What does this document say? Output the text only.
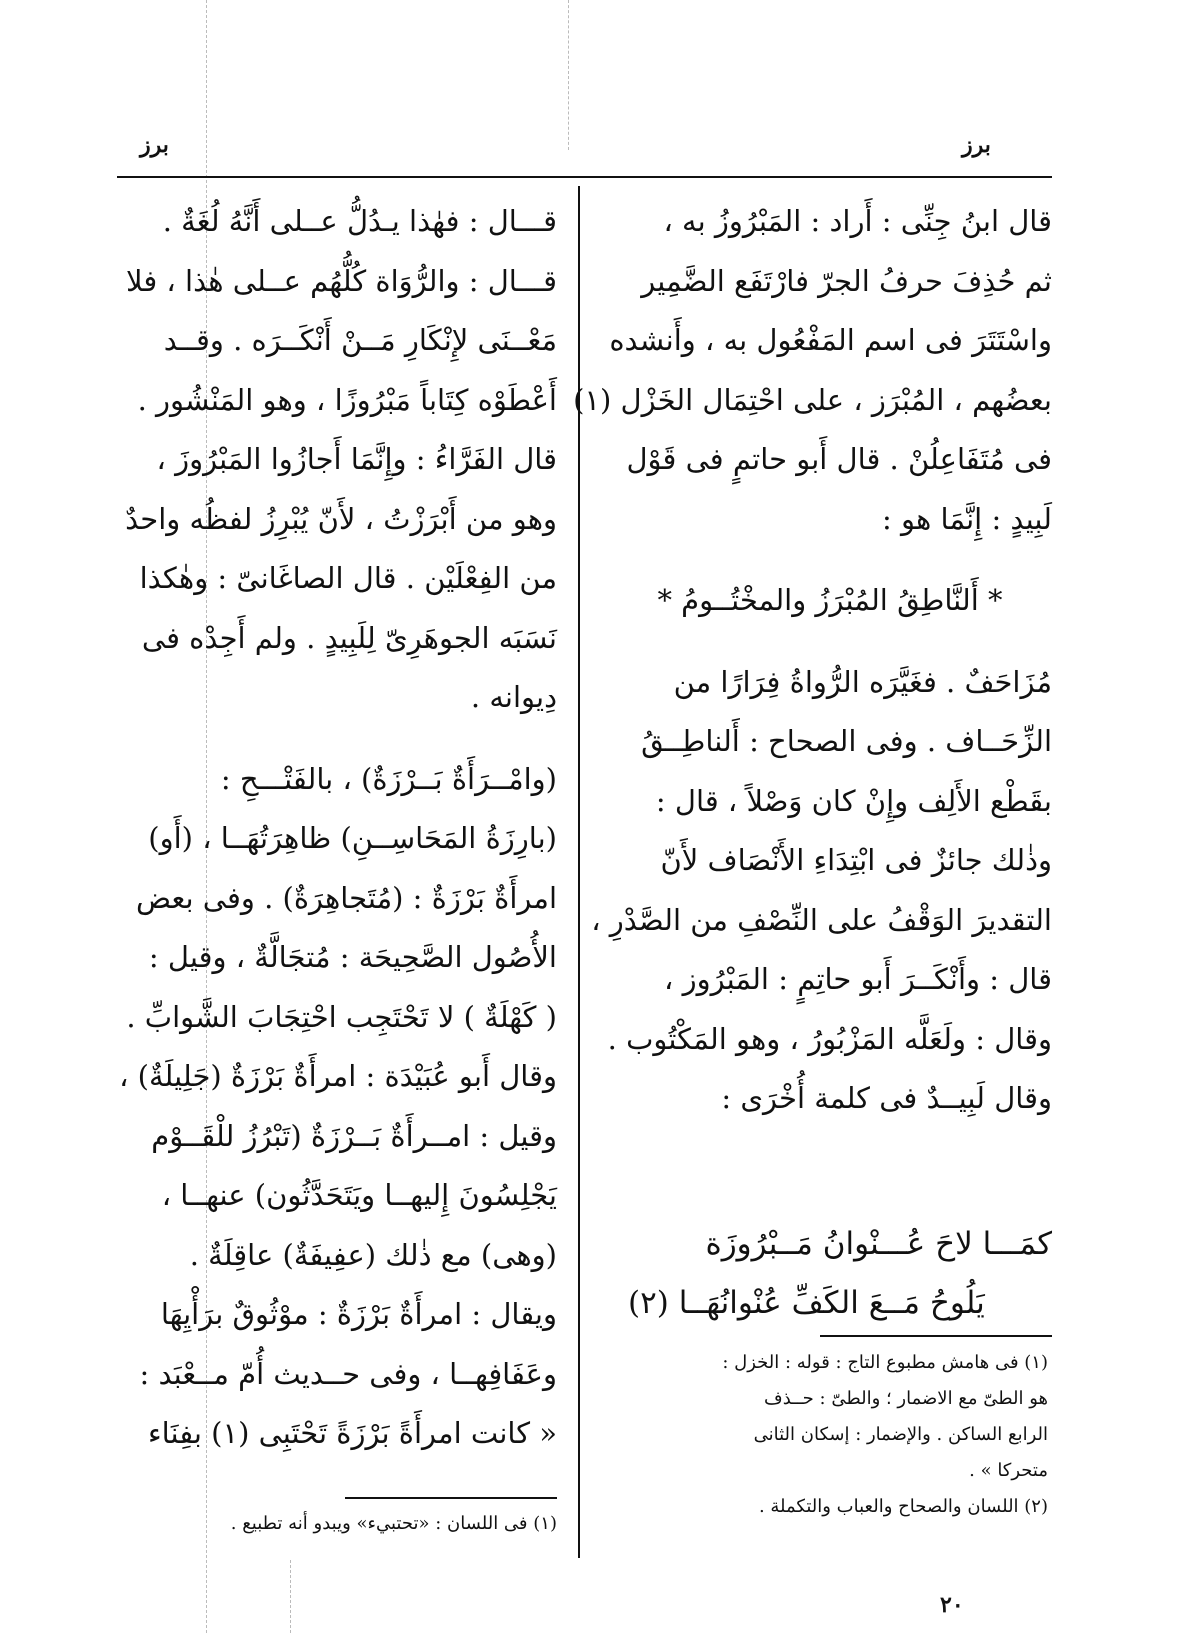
برز
برز
قال ابنُ جِنِّى : أَراد : المَبْرُوزُ به ،
ثم حُذِفَ حرفُ الجرّ فارْتَفَع الضَّمِير
واسْتَتَرَ فى اسم المَفْعُول به ، وأَنشده
بعضُهم ، المُبْرَز ، على احْتِمَال الخَزْل (١)
فى مُتَفَاعِلُنْ . قال أَبو حاتمٍ فى قَوْل
لَبِيدٍ : إِنَّمَا هو :
* أَلنَّاطِقُ المُبْرَزُ والمخْتُــومُ *
مُزَاحَفٌ . فغَيَّرَه الرُّواةُ فِرَارًا من
الزِّحَــاف . وفى الصحاح : أَلناطِــقُ
بقَطْع الأَلِف وإِنْ كان وَصْلاً ، قال :
وذٰلك جائزٌ فى ابْتِدَاءِ الأَنْصَاف لأَنّ
التقديرَ الوَقْفُ على النِّصْفِ من الصَّدْرِ ،
قال : وأَنْكَــرَ أَبو حاتِمٍ : المَبْرُوز ،
وقال : ولَعَلَّه المَزْبُورُ ، وهو المَكْتُوب .
وقال لَبِيــدٌ فى كلمة أُخْرَى :
كمَـــا لاحَ عُـــنْوانُ مَــبْرُوزَة
يَلُوحُ مَــعَ الكَفِّ عُنْوانُهَــا (٢)
(١) فى هامش مطبوع التاج : قوله : الخزل :
هو الطىّ مع الاضمار ؛ والطىّ : حــذف
الرابع الساكن . والإضمار : إسكان الثانى
متحركا » .
(٢) اللسان والصحاح والعباب والتكملة .
قـــال : فهٰذا يـدُلُّ عــلى أَنَّهُ لُغَةٌ .
قـــال : والرُّوَاة كُلُّهُم عــلى هٰذا ، فلا
مَعْــنَى لإِنْكَارِ مَــنْ أَنْكَــرَه . وقــد
أَعْطَوْه كِتَاباً مَبْرُوزًا ، وهو المَنْشُور .
قال الفَرَّاءُ : وإِنَّمَا أَجازُوا المَبْرُوزَ ،
وهو من أَبْرَزْتُ ، لأَنّ يُبْرِزُ لفظُه واحدٌ
من الفِعْلَيْن . قال الصاغَانىّ : وهٰكذا
نَسَبَه الجوهَرِىّ لِلَبِيدٍ . ولم أَجِدْه فى
دِيوانه .
(وامْــرَأَةٌ بَــرْزَةٌ) ، بالفَتْـــحِ :
(بارِزَةُ المَحَاسِــنِ) ظاهِرَتُهَــا ، (أَو)
امرأَةٌ بَرْزَةٌ : (مُتَجاهِرَةٌ) . وفى بعض
الأُصُول الصَّحِيحَة : مُتجَالَّةٌ ، وقيل :
( كَهْلَةٌ ) لا تَحْتَجِب احْتِجَابَ الشَّوابِّ .
وقال أَبو عُبَيْدَة : امرأَةٌ بَرْزَةٌ (جَلِيلَةٌ) ،
وقيل : امــرأَةٌ بَــرْزَةٌ (تَبْرُزُ للْقَــوْم
يَجْلِسُونَ إِليهــا ويَتَحَدَّثُون) عنهــا ،
(وهى) مع ذٰلك (عفِيفَةٌ) عاقِلَةٌ .
ويقال : امرأَةٌ بَرْزَةٌ : موْثُوقٌ برَأْيِهَا
وعَفَافِهــا ، وفى حــديث أُمّ مــعْبَد :
« كانت امرأَةً بَرْزَةً تَحْتَبِى (١) بفِنَاء
(١) فى اللسان : «تحتبيء» ويبدو أنه تطبيع .
٢٠
